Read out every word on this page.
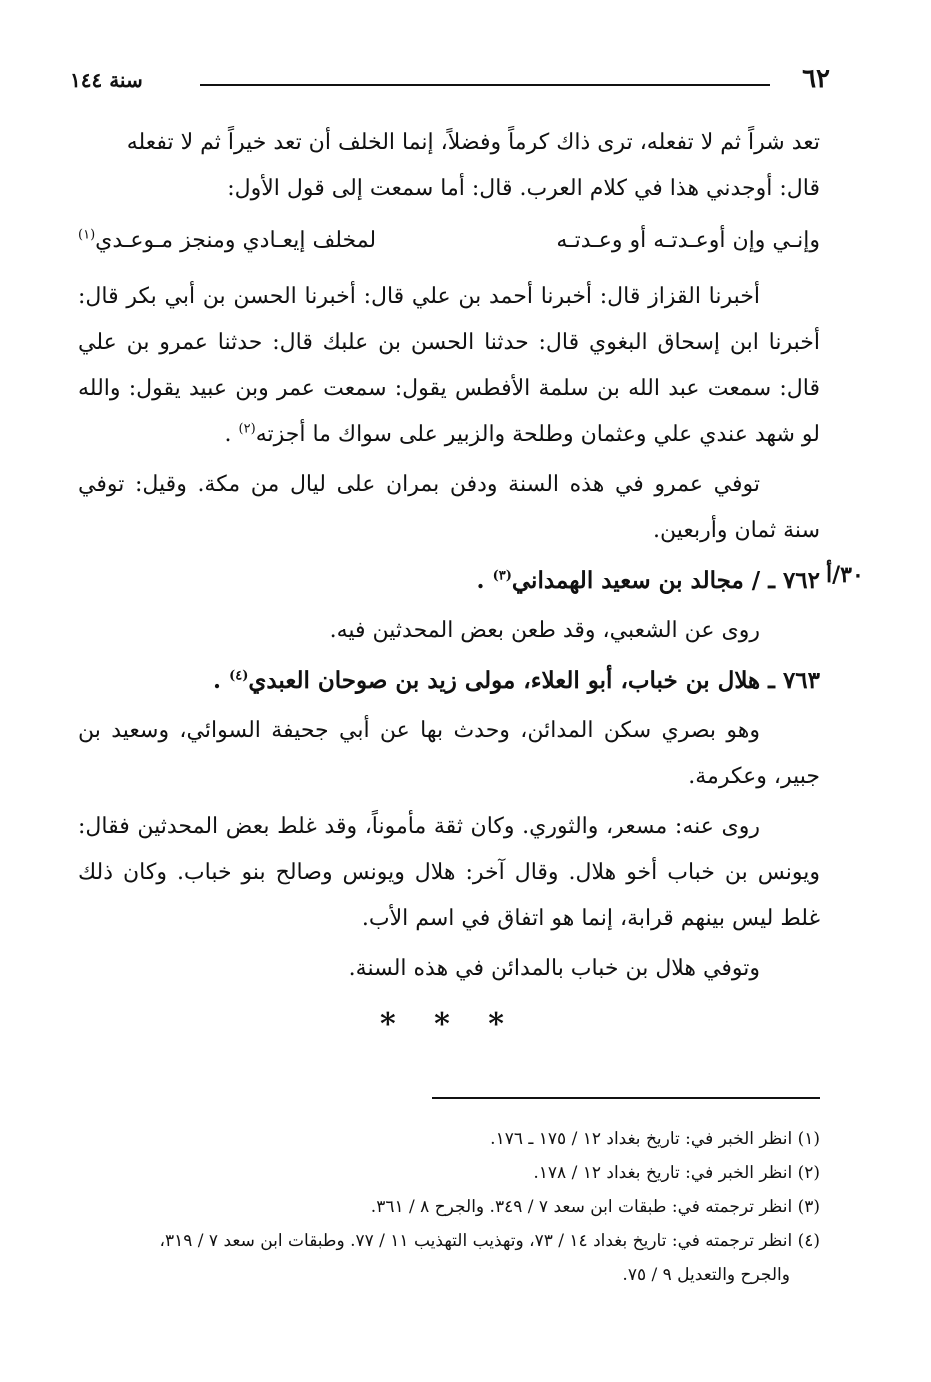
٦٢
سنة ١٤٤

تعد شراً ثم لا تفعله، ترى ذاك كرماً وفضلاً، إنما الخلف أن تعد خيراً ثم لا تفعله
قال: أوجدني هذا في كلام العرب. قال: أما سمعت إلى قول الأول:

وإنـي وإن أوعـدتـه أو وعـدتـه
لمخلف إيعـادي ومنجز مـوعـدي$^{(١)}$

أخبرنا القزاز قال: أخبرنا أحمد بن علي قال: أخبرنا الحسن بن أبي بكر قال: أخبرنا ابن إسحاق البغوي قال: حدثنا الحسن بن علبك قال: حدثنا عمرو بن علي قال: سمعت عبد الله بن سلمة الأفطس يقول: سمعت عمر وبن عبيد يقول: والله لو شهد عندي علي وعثمان وطلحة والزبير على سواك ما أجزته$^{(٢)}$ .

توفي عمرو في هذه السنة ودفن بمران على ليال من مكة. وقيل: توفي سنة ثمان وأربعين.

٧٦٢ ـ / مجالد بن سعيد الهمداني$^{(٣)}$ .

روى عن الشعبي، وقد طعن بعض المحدثين فيه.

٧٦٣ ـ هلال بن خباب، أبو العلاء، مولى زيد بن صوحان العبدي$^{(٤)}$ .

وهو بصري سكن المدائن، وحدث بها عن أبي جحيفة السوائي، وسعيد بن جبير، وعكرمة.

روى عنه: مسعر، والثوري. وكان ثقة مأموناً، وقد غلط بعض المحدثين فقال: ويونس بن خباب أخو هلال. وقال آخر: هلال ويونس وصالح بنو خباب. وكان ذلك غلط ليس بينهم قرابة، إنما هو اتفاق في اسم الأب.

وتوفي هلال بن خباب بالمدائن في هذه السنة.

* * *
٣٠/أ

(١) انظر الخبر في: تاريخ بغداد ١٢ / ١٧٥ ـ ١٧٦.

(٢) انظر الخبر في: تاريخ بغداد ١٢ / ١٧٨.

(٣) انظر ترجمته في: طبقات ابن سعد ٧ / ٣٤٩. والجرح ٨ / ٣٦١.

(٤) انظر ترجمته في: تاريخ بغداد ١٤ / ٧٣، وتهذيب التهذيب ١١ / ٧٧. وطبقات ابن سعد ٧ / ٣١٩،

والجرح والتعديل ٩ / ٧٥.
